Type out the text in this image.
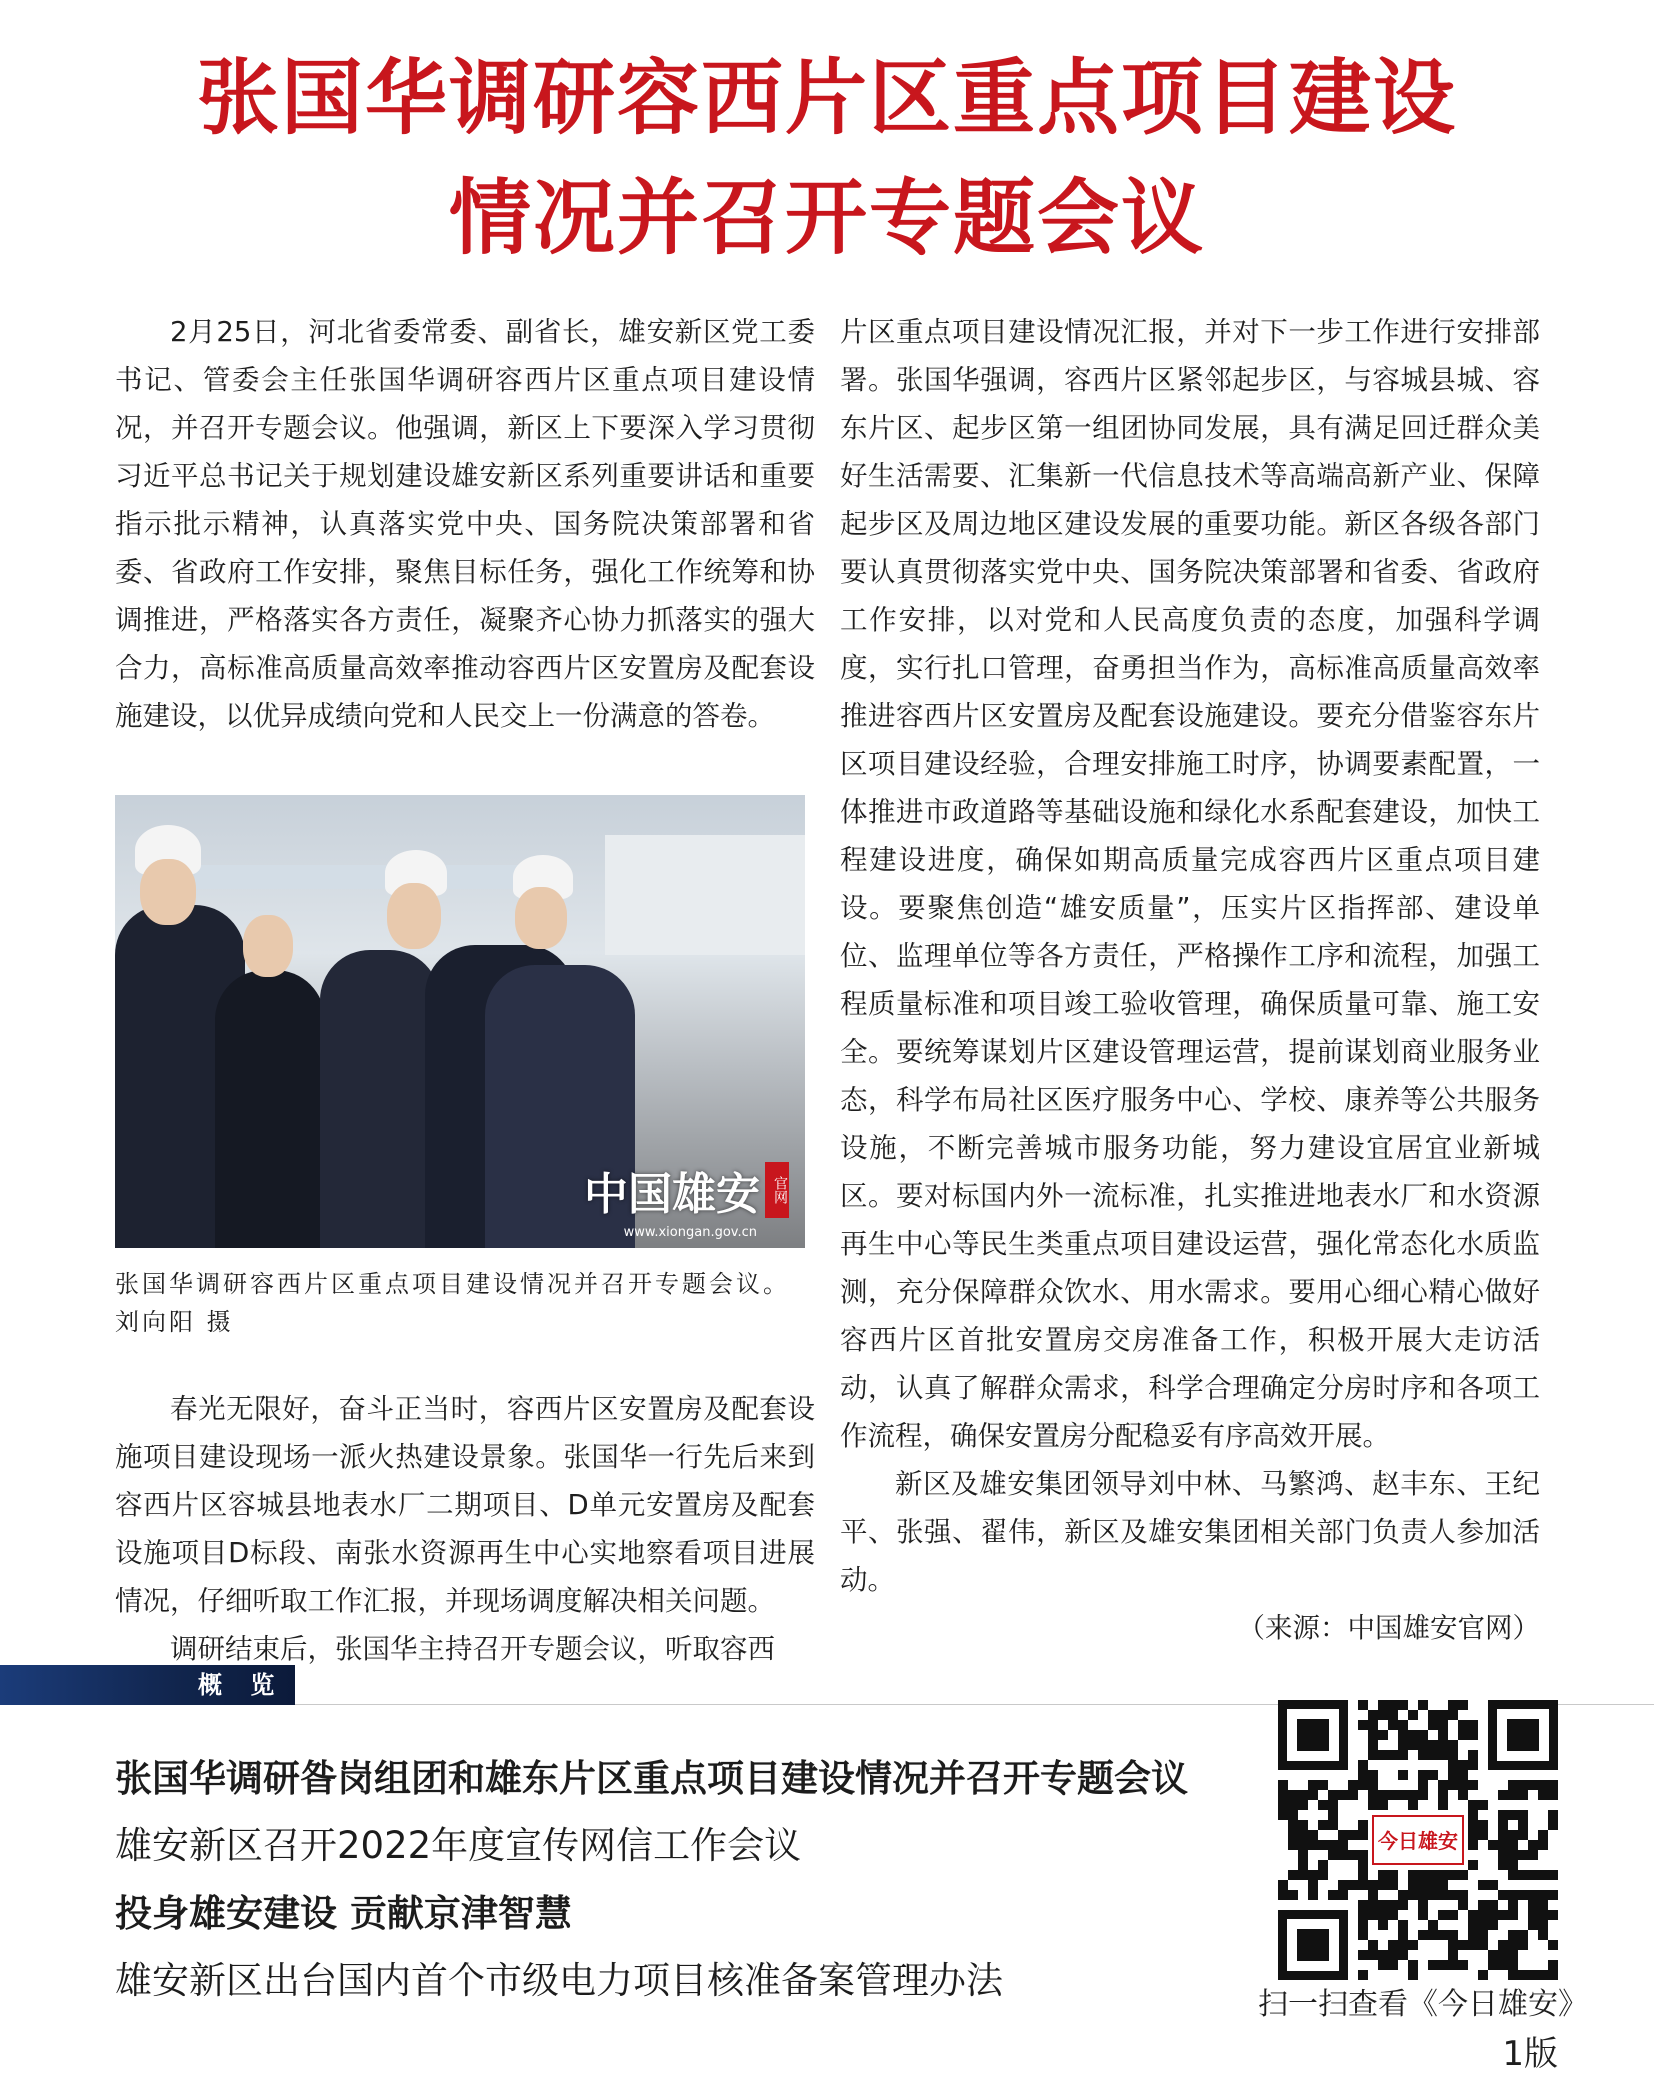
张国华调研容西片区重点项目建设
情况并召开专题会议

2月25日，河北省委常委、副省长，雄安新区党工委书记、管委会主任张国华调研容西片区重点项目建设情况，并召开专题会议。他强调，新区上下要深入学习贯彻习近平总书记关于规划建设雄安新区系列重要讲话和重要指示批示精神，认真落实党中央、国务院决策部署和省委、省政府工作安排，聚焦目标任务，强化工作统筹和协调推进，严格落实各方责任，凝聚齐心协力抓落实的强大合力，高标准高质量高效率推动容西片区安置房及配套设施建设，以优异成绩向党和人民交上一份满意的答卷。

中国雄安 官网
www.xiongan.gov.cn

张国华调研容西片区重点项目建设情况并召开专题会议。刘向阳 摄

春光无限好，奋斗正当时，容西片区安置房及配套设施项目建设现场一派火热建设景象。张国华一行先后来到容西片区容城县地表水厂二期项目、D单元安置房及配套设施项目D标段、南张水资源再生中心实地察看项目进展情况，仔细听取工作汇报，并现场调度解决相关问题。

调研结束后，张国华主持召开专题会议，听取容西

片区重点项目建设情况汇报，并对下一步工作进行安排部署。张国华强调，容西片区紧邻起步区，与容城县城、容东片区、起步区第一组团协同发展，具有满足回迁群众美好生活需要、汇集新一代信息技术等高端高新产业、保障起步区及周边地区建设发展的重要功能。新区各级各部门要认真贯彻落实党中央、国务院决策部署和省委、省政府工作安排，以对党和人民高度负责的态度，加强科学调度，实行扎口管理，奋勇担当作为，高标准高质量高效率推进容西片区安置房及配套设施建设。要充分借鉴容东片区项目建设经验，合理安排施工时序，协调要素配置，一体推进市政道路等基础设施和绿化水系配套建设，加快工程建设进度，确保如期高质量完成容西片区重点项目建设。要聚焦创造“雄安质量”，压实片区指挥部、建设单位、监理单位等各方责任，严格操作工序和流程，加强工程质量标准和项目竣工验收管理，确保质量可靠、施工安全。要统筹谋划片区建设管理运营，提前谋划商业服务业态，科学布局社区医疗服务中心、学校、康养等公共服务设施，不断完善城市服务功能，努力建设宜居宜业新城区。要对标国内外一流标准，扎实推进地表水厂和水资源再生中心等民生类重点项目建设运营，强化常态化水质监测，充分保障群众饮水、用水需求。要用心细心精心做好容西片区首批安置房交房准备工作，积极开展大走访活动，认真了解群众需求，科学合理确定分房时序和各项工作流程，确保安置房分配稳妥有序高效开展。

新区及雄安集团领导刘中林、马繁鸿、赵丰东、王纪平、张强、翟伟，新区及雄安集团相关部门负责人参加活动。

（来源：中国雄安官网）

概 览

张国华调研昝岗组团和雄东片区重点项目建设情况并召开专题会议

雄安新区召开2022年度宣传网信工作会议

投身雄安建设 贡献京津智慧

雄安新区出台国内首个市级电力项目核准备案管理办法

今日雄安

扫一扫查看《今日雄安》

1版
